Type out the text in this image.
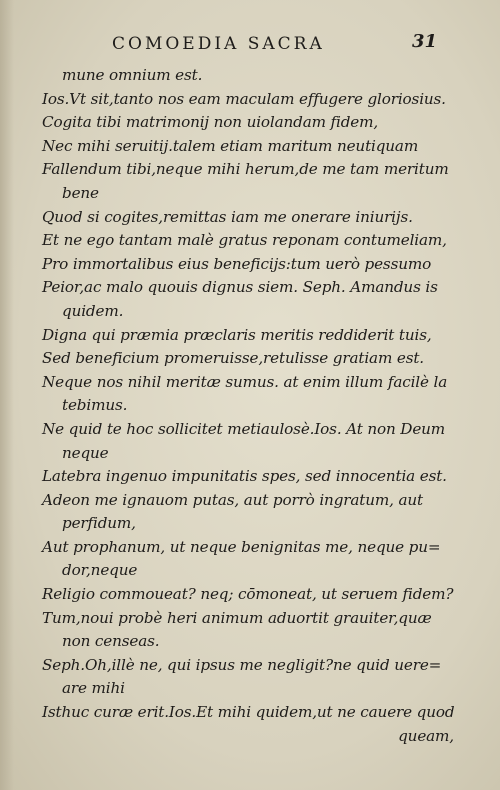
COMOEDIA SACRA	31
mune omnium est.
Ios.Vt sit,tanto nos eam maculam effugere gloriosius.
Cogita tibi matrimonij non uiolandam fidem,
Nec mihi seruitij.talem etiam maritum neutiquam
Fallendum tibi,neque mihi herum,de me tam meritum
bene
Quod si cogites,remittas iam me onerare iniurijs.
Et ne ego tantam malè gratus reponam contumeliam,
Pro immortalibus eius beneficijs:tum uerò pessumo
Peior,ac malo quouis dignus siem. Seph. Amandus is
quidem.
Digna qui præmia præclaris meritis reddiderit tuis,
Sed beneficium promeruisse,retulisse gratiam est.
Neque nos nihil meritæ sumus. at enim illum facilè la
tebimus.
Ne quid te hoc sollicitet metiaulosè.Ios. At non Deum
neque
Latebra ingenuo impunitatis spes, sed innocentia est.
Adeon me ignauom putas, aut porrò ingratum, aut
perfidum,
Aut prophanum, ut neque benignitas me, neque pu=
dor,neque
Religio commoueat? neq; cōmoneat, ut seruem fidem?
Tum,noui probè heri animum aduortit grauiter,quæ
non censeas.
Seph.Oh,illè ne, qui ipsus me negligit?ne quid uere=
are mihi
Isthuc curæ erit.Ios.Et mihi quidem,ut ne cauere quod
queam,
